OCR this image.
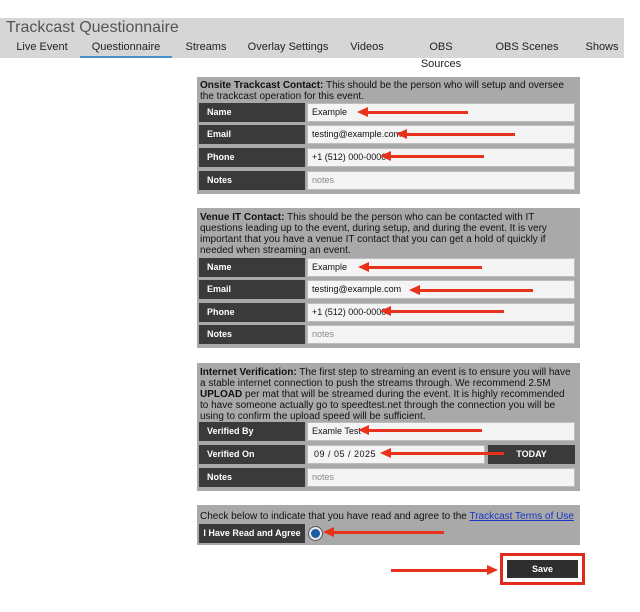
Trackcast Questionnaire
Live Event	Questionnaire	Streams	Overlay Settings	Videos	OBS Sources
OBS Scenes	Shows
Onsite Trackcast Contact: This should be the person who will setup and oversee the trackcast operation for this event.
Name	Example
Email	testing@example.com
Phone	+1 (512) 000-0000
Notes	notes
Venue IT Contact: This should be the person who can be contacted with IT questions leading up to the event, during setup, and during the event. It is very important that you have a venue IT contact that you can get a hold of quickly if needed when streaming an event.
Name	Example
Email	testing@example.com
Phone	+1 (512) 000-0000
Notes	notes
Internet Verification: The first step to streaming an event is to ensure you will have a stable internet connection to push the streams through. We recommend 2.5M UPLOAD per mat that will be streamed during the event. It is highly recommended to have someone actually go to speedtest.net through the connection you will be using to confirm the upload speed will be sufficient.
Verified By	Examle Test
Verified On	09 / 05 / 2025	TODAY
Notes	notes
Check below to indicate that you have read and agree to the Trackcast Terms of Use
I Have Read and Agree
Save
